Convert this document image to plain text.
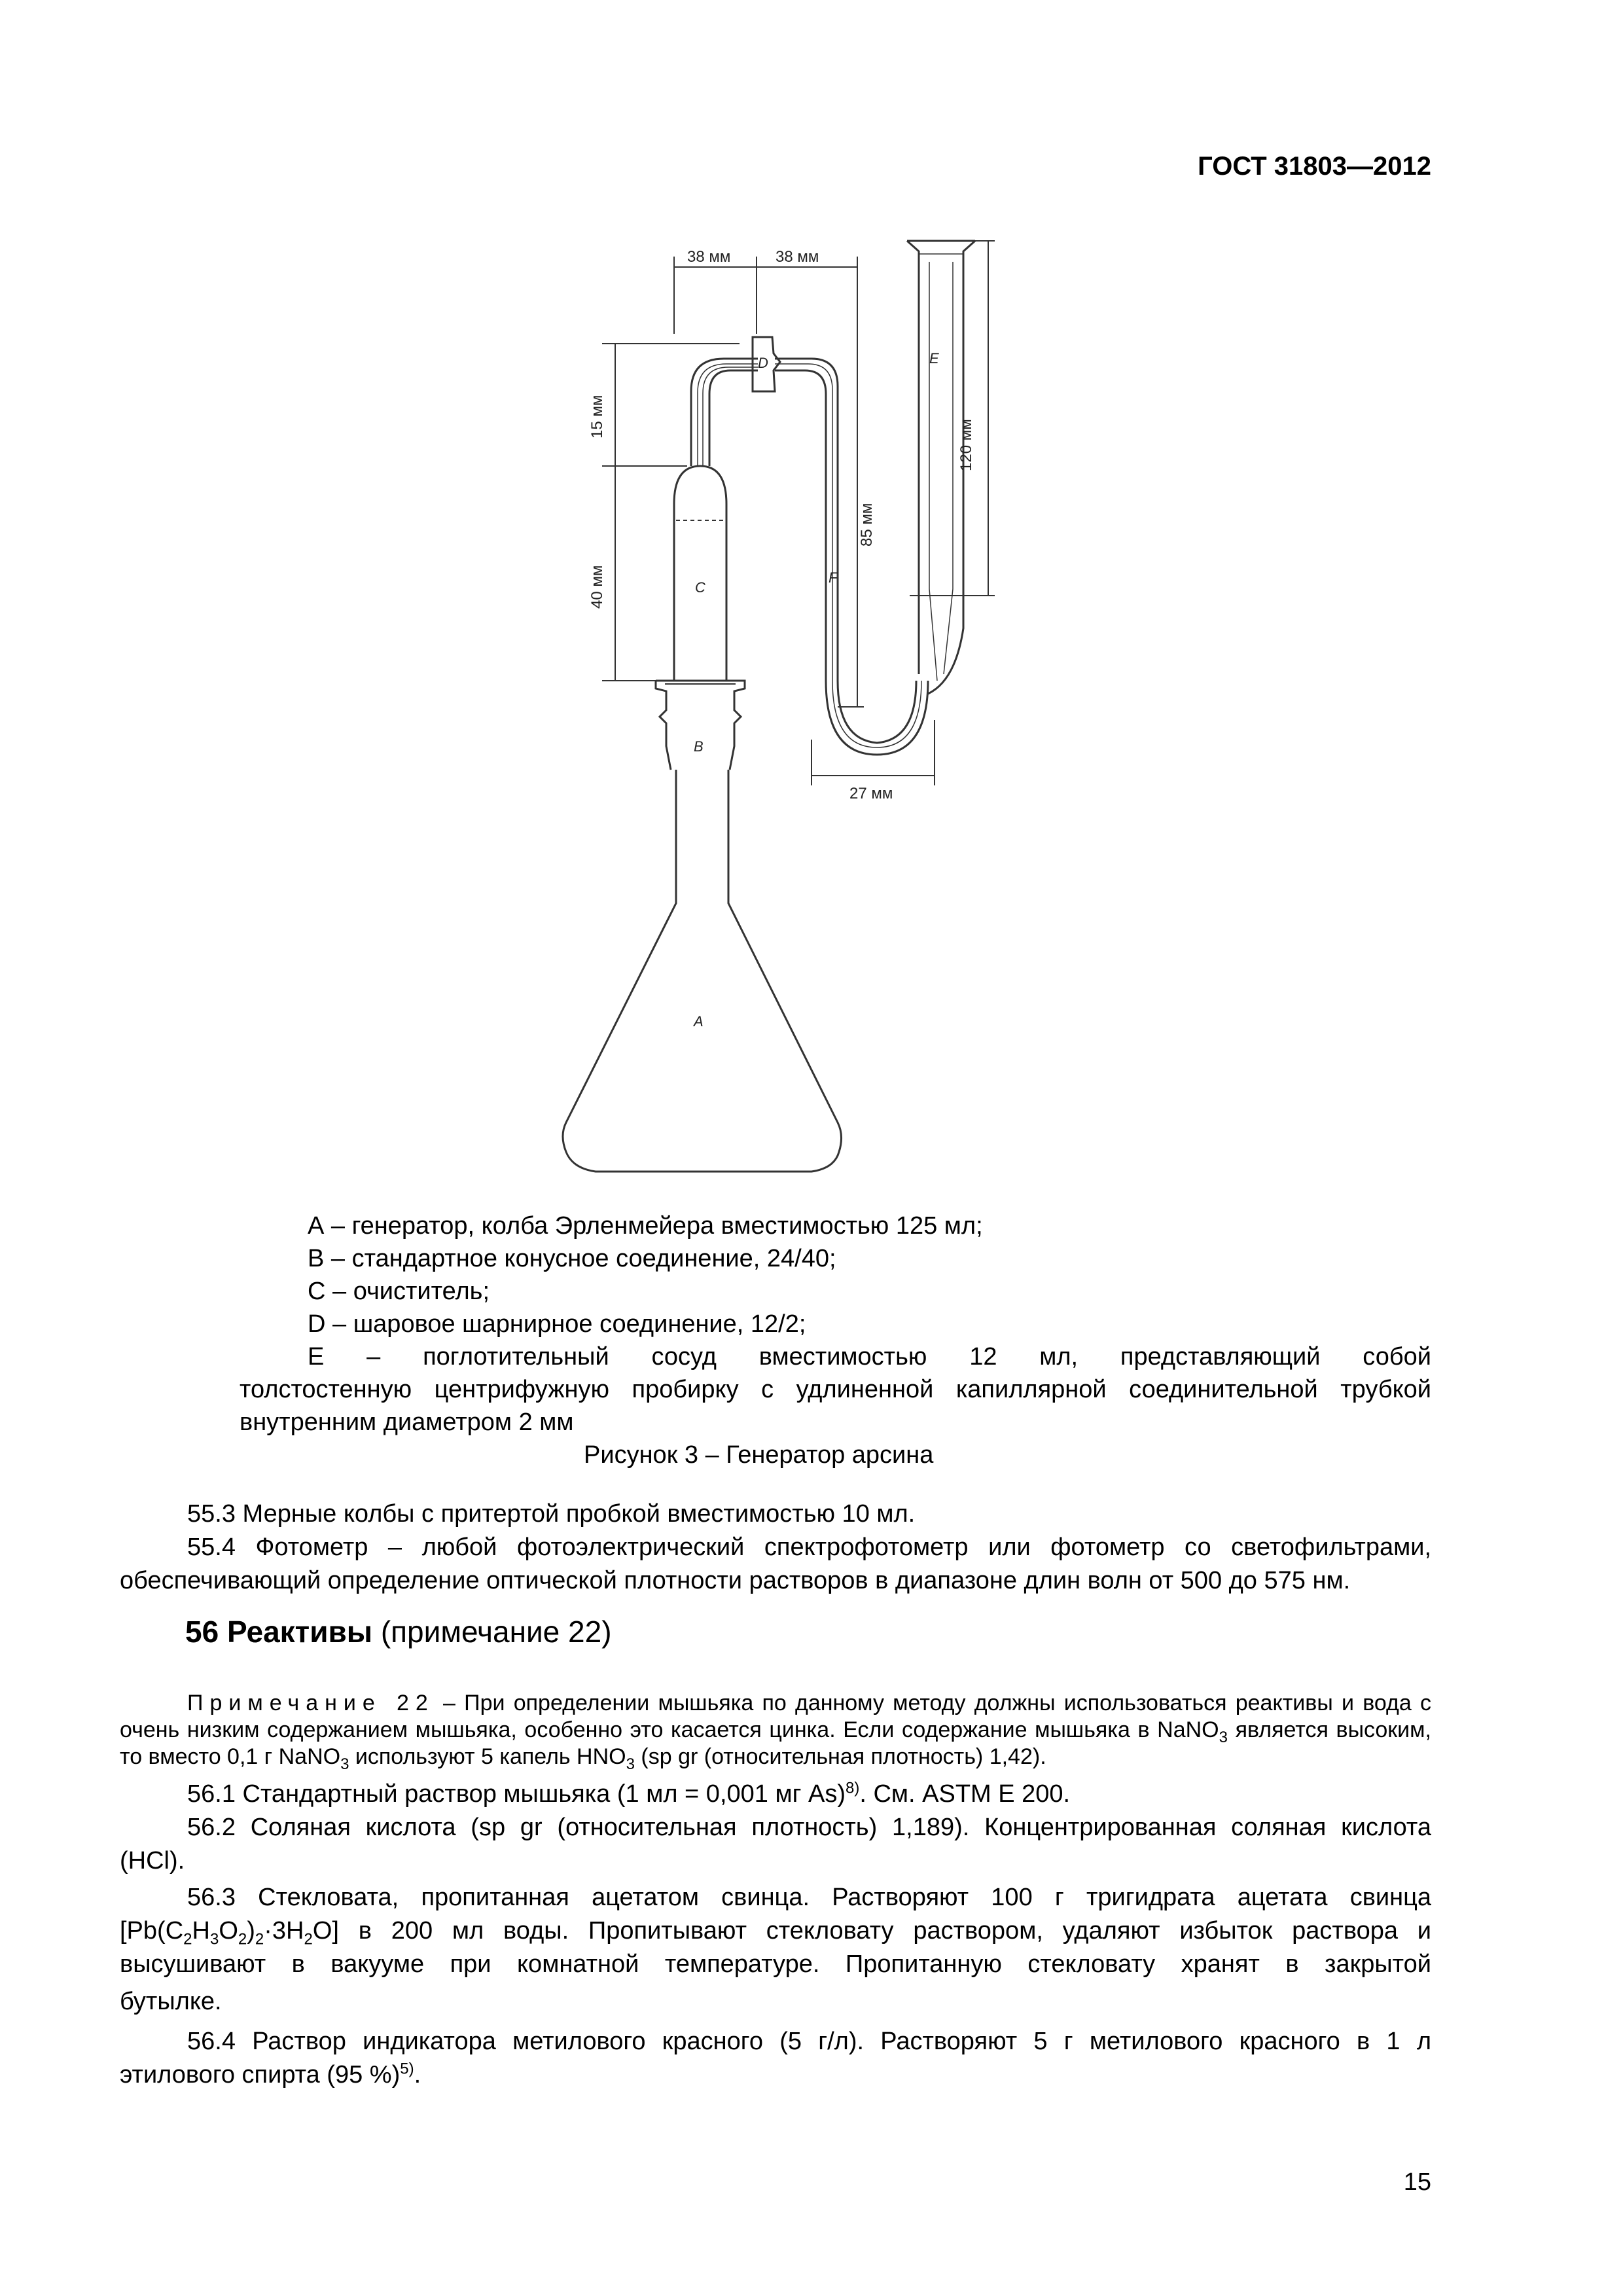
ГОСТ 31803—2012
38 мм	38 мм
15 мм
40 мм
85 мм
120 мм
27 мм
A
B
C
D	E
F
А – генератор, колба Эрленмейера вместимостью 125 мл;
В – стандартное конусное соединение, 24/40;
С – очиститель;
D – шаровое шарнирное соединение, 12/2;
Е – поглотительный сосуд вместимостью 12 мл, представляющий собой
толстостенную центрифужную пробирку с удлиненной капиллярной соединительной трубкой
внутренним диаметром 2 мм
Рисунок 3 – Генератор арсина
55.3 Мерные колбы с притертой пробкой вместимостью 10 мл.
55.4 Фотометр – любой фотоэлектрический спектрофотометр или фотометр со светофильтрами,
обеспечивающий определение оптической плотности растворов в диапазоне длин волн от 500 до 575 нм.
56 Реактивы (примечание 22)
Примечание 22 – При определении мышьяка по данному методу должны использоваться реактивы и вода с очень низким содержанием мышьяка, особенно это касается цинка. Если содержание мышьяка в NaNO$_3$ является высоким, то вместо 0,1 г NaNO$_3$ используют 5 капель $HNO_3$ (sp gr (относительная плотность) 1,42).
56.1 Стандартный раствор мышьяка (1 мл = 0,001 мг As)$^{8)}$. См. ASTM E 200.
56.2 Соляная кислота (sp gr (относительная плотность) 1,189). Концентрированная соляная кислота
(HCl).
56.3 Стекловата, пропитанная ацетатом свинца. Растворяют 100 г тригидрата ацетата свинца
$[Pb(C_2H_3O_2)_2\cdot 3H_2O]$ в 200 мл воды. Пропитывают стекловату раствором, удаляют избыток раствора и
высушивают в вакууме при комнатной температуре. Пропитанную стекловату хранят в закрытой
бутылке.
56.4 Раствор индикатора метилового красного (5 г/л). Растворяют 5 г метилового красного в 1 л
этилового спирта (95 %)$^{5)}$.
15
